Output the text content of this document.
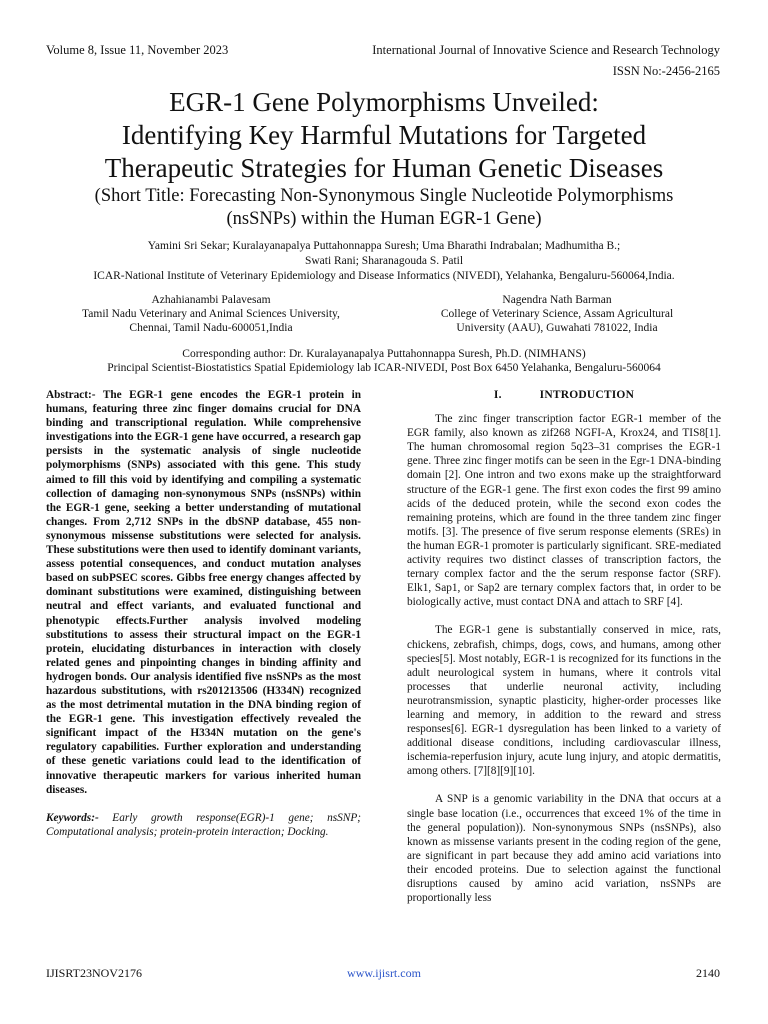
Volume 8, Issue 11, November 2023	International Journal of Innovative Science and Research Technology
ISSN No:-2456-2165
EGR-1 Gene Polymorphisms Unveiled:
Identifying Key Harmful Mutations for Targeted
Therapeutic Strategies for Human Genetic Diseases
(Short Title: Forecasting Non-Synonymous Single Nucleotide Polymorphisms
(nsSNPs) within the Human EGR-1 Gene)
Yamini Sri Sekar; Kuralayanapalya Puttahonnappa Suresh; Uma Bharathi Indrabalan; Madhumitha B.;
Swati Rani; Sharanagouda S. Patil
ICAR-National Institute of Veterinary Epidemiology and Disease Informatics (NIVEDI), Yelahanka, Bengaluru-560064,India.
Azhahianambi Palavesam
Tamil Nadu Veterinary and Animal Sciences University,
Chennai, Tamil Nadu-600051,India
Nagendra Nath Barman
College of Veterinary Science, Assam Agricultural
University (AAU), Guwahati 781022, India
Corresponding author: Dr. Kuralayanapalya Puttahonnappa Suresh, Ph.D. (NIMHANS)
Principal Scientist-Biostatistics Spatial Epidemiology lab ICAR-NIVEDI, Post Box 6450 Yelahanka, Bengaluru-560064

Abstract:- The EGR-1 gene encodes the EGR-1 protein in humans, featuring three zinc finger domains crucial for DNA binding and transcriptional regulation. While comprehensive investigations into the EGR-1 gene have occurred, a research gap persists in the systematic analysis of single nucleotide polymorphisms (SNPs) associated with this gene. This study aimed to fill this void by identifying and compiling a systematic collection of damaging non-synonymous SNPs (nsSNPs) within the EGR-1 gene, seeking a better understanding of mutational changes. From 2,712 SNPs in the dbSNP database, 455 non-synonymous missense substitutions were selected for analysis. These substitutions were then used to identify dominant variants, assess potential consequences, and conduct mutation analyses based on subPSEC scores. Gibbs free energy changes affected by dominant substitutions were examined, distinguishing between neutral and effect variants, and evaluated functional and phenotypic effects.Further analysis involved modeling substitutions to assess their structural impact on the EGR-1 protein, elucidating disturbances in interaction with closely related genes and pinpointing changes in binding affinity and hydrogen bonds. Our analysis identified five nsSNPs as the most hazardous substitutions, with rs201213506 (H334N) recognized as the most detrimental mutation in the DNA binding region of the EGR-1 gene. This investigation effectively revealed the significant impact of the H334N mutation on the gene's regulatory capabilities. Further exploration and understanding of these genetic variations could lead to the identification of innovative therapeutic markers for various inherited human diseases.

Keywords:- Early growth response(EGR)-1 gene; nsSNP; Computational analysis; protein-protein interaction; Docking.

I.	INTRODUCTION

The zinc finger transcription factor EGR-1 member of the EGR family, also known as zif268 NGFI-A, Krox24, and TIS8[1]. The human chromosomal region 5q23–31 comprises the EGR-1 gene. Three zinc finger motifs can be seen in the Egr-1 DNA-binding domain [2]. One intron and two exons make up the straightforward structure of the EGR-1 gene. The first exon codes the first 99 amino acids of the deduced protein, while the second exon codes the remaining proteins, which are found in the three tandem zinc finger motifs. [3]. The presence of five serum response elements (SREs) in the human EGR-1 promoter is particularly significant. SRE-mediated activity requires two distinct classes of transcription factors, the ternary complex factor and the the serum response factor (SRF). Elk1, Sap1, or Sap2 are ternary complex factors that, in order to be biologically active, must contact DNA and attach to SRF [4].

The EGR-1 gene is substantially conserved in mice, rats, chickens, zebrafish, chimps, dogs, cows, and humans, among other species[5]. Most notably, EGR-1 is recognized for its functions in the adult neurological system in humans, where it controls vital processes that underlie neuronal activity, including neurotransmission, synaptic plasticity, higher-order processes like learning and memory, in addition to the reward and stress responses[6]. EGR-1 dysregulation has been linked to a variety of additional disease conditions, including cardiovascular illness, ischemia-reperfusion injury, acute lung injury, and atopic dermatitis, among others. [7][8][9][10].

A SNP is a genomic variability in the DNA that occurs at a single base location (i.e., occurrences that exceed 1% of the time in the general population)). Non-synonymous SNPs (nsSNPs), also known as missense variants present in the coding region of the gene, are significant in part because they add amino acid variations into their encoded proteins. Due to selection against the functional disruptions caused by amino acid variation, nsSNPs are proportionally less

IJISRT23NOV2176	www.ijisrt.com	2140
